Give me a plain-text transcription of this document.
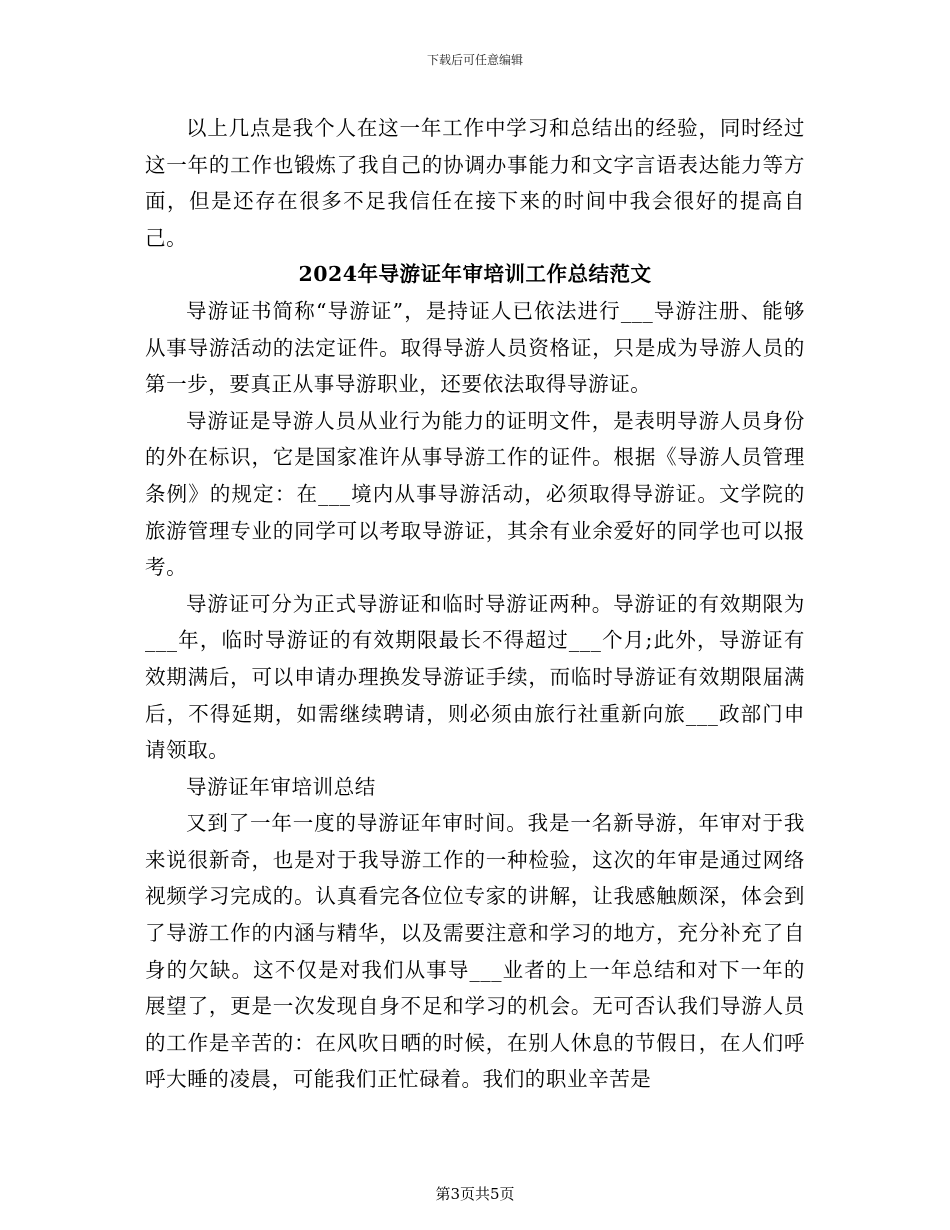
下载后可任意编辑

以上几点是我个人在这一年工作中学习和总结出的经验，同时经过这一年的工作也锻炼了我自己的协调办事能力和文字言语表达能力等方面，但是还存在很多不足我信任在接下来的时间中我会很好的提高自己。

2024年导游证年审培训工作总结范文

导游证书简称“导游证”，是持证人已依法进行___导游注册、能够从事导游活动的法定证件。取得导游人员资格证，只是成为导游人员的第一步，要真正从事导游职业，还要依法取得导游证。

导游证是导游人员从业行为能力的证明文件，是表明导游人员身份的外在标识，它是国家准许从事导游工作的证件。根据《导游人员管理条例》的规定：在___境内从事导游活动，必须取得导游证。文学院的旅游管理专业的同学可以考取导游证，其余有业余爱好的同学也可以报考。

导游证可分为正式导游证和临时导游证两种。导游证的有效期限为___年，临时导游证的有效期限最长不得超过___个月;此外，导游证有效期满后，可以申请办理换发导游证手续，而临时导游证有效期限届满后，不得延期，如需继续聘请，则必须由旅行社重新向旅___政部门申请领取。

导游证年审培训总结

又到了一年一度的导游证年审时间。我是一名新导游，年审对于我来说很新奇，也是对于我导游工作的一种检验，这次的年审是通过网络视频学习完成的。认真看完各位位专家的讲解，让我感触颇深，体会到了导游工作的内涵与精华，以及需要注意和学习的地方，充分补充了自身的欠缺。这不仅是对我们从事导___业者的上一年总结和对下一年的展望了，更是一次发现自身不足和学习的机会。无可否认我们导游人员的工作是辛苦的：在风吹日晒的时候，在别人休息的节假日，在人们呼呼大睡的凌晨，可能我们正忙碌着。我们的职业辛苦是

第3页共5页
